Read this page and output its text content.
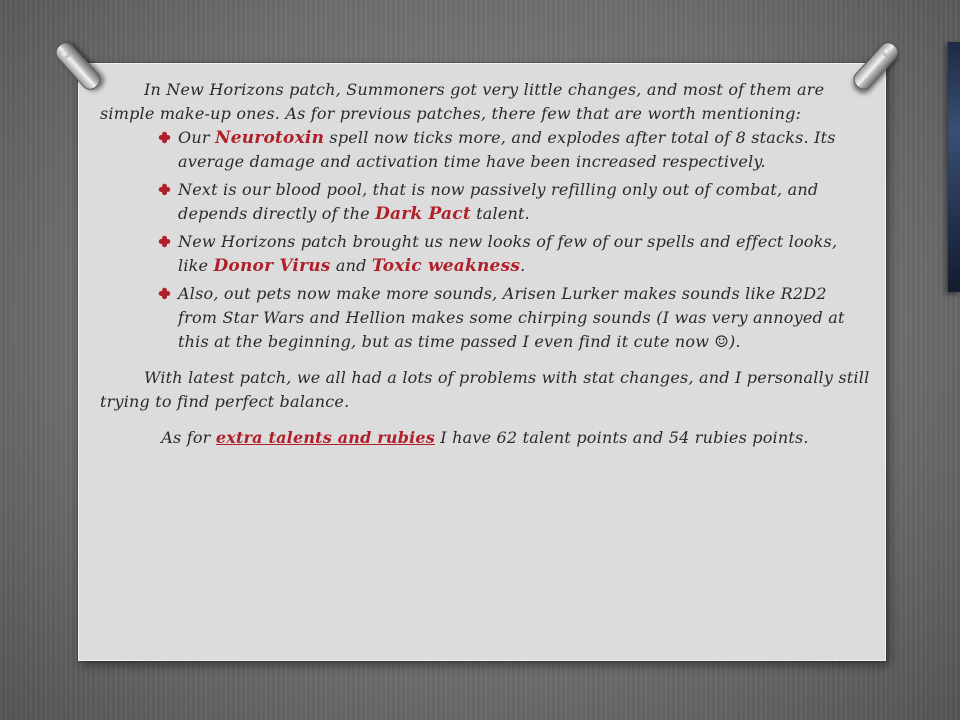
In New Horizons patch, Summoners got very little changes, and most of them are simple make-up ones. As for previous patches, there few that are worth mentioning:

Our Neurotoxin spell now ticks more, and explodes after total of 8 stacks. Its average damage and activation time have been increased respectively.
Next is our blood pool, that is now passively refilling only out of combat, and depends directly of the Dark Pact talent.
New Horizons patch brought us new looks of few of our spells and effect looks, like Donor Virus and Toxic weakness.
Also, out pets now make more sounds, Arisen Lurker makes sounds like R2D2 from Star Wars and Hellion makes some chirping sounds (I was very annoyed at this at the beginning, but as time passed I even find it cute now ☺).

With latest patch, we all had a lots of problems with stat changes, and I personally still trying to find perfect balance.

As for extra talents and rubies I have 62 talent points and 54 rubies points.
